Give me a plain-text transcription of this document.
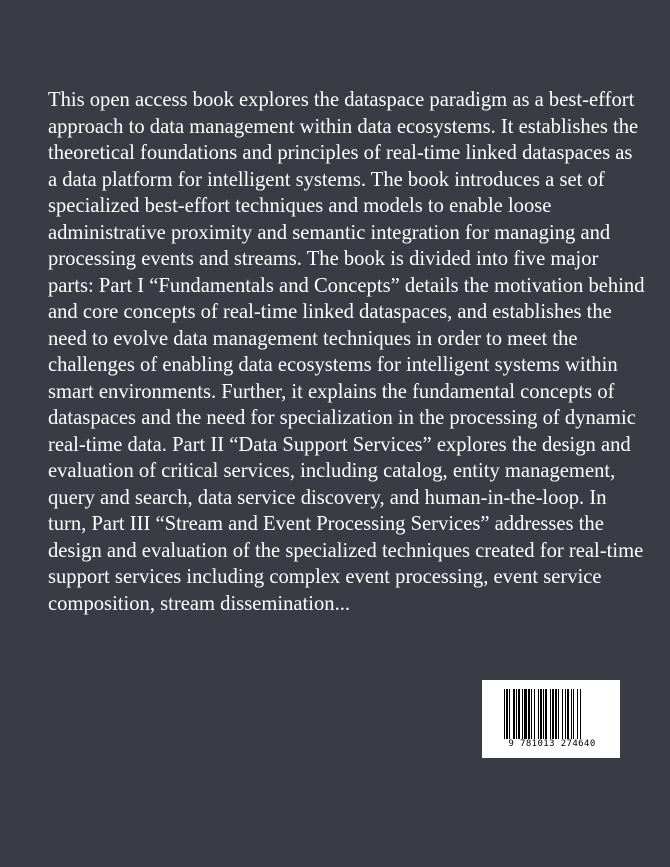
This open access book explores the dataspace paradigm as a best-effort
approach to data management within data ecosystems. It establishes the
theoretical foundations and principles of real-time linked dataspaces as
a data platform for intelligent systems. The book introduces a set of
specialized best-effort techniques and models to enable loose
administrative proximity and semantic integration for managing and
processing events and streams. The book is divided into five major
parts: Part I “Fundamentals and Concepts” details the motivation behind
and core concepts of real-time linked dataspaces, and establishes the
need to evolve data management techniques in order to meet the
challenges of enabling data ecosystems for intelligent systems within
smart environments. Further, it explains the fundamental concepts of
dataspaces and the need for specialization in the processing of dynamic
real-time data. Part II “Data Support Services” explores the design and
evaluation of critical services, including catalog, entity management,
query and search, data service discovery, and human-in-the-loop. In
turn, Part III “Stream and Event Processing Services” addresses the
design and evaluation of the specialized techniques created for real-time
support services including complex event processing, event service
composition, stream dissemination...
9 781013 274640
